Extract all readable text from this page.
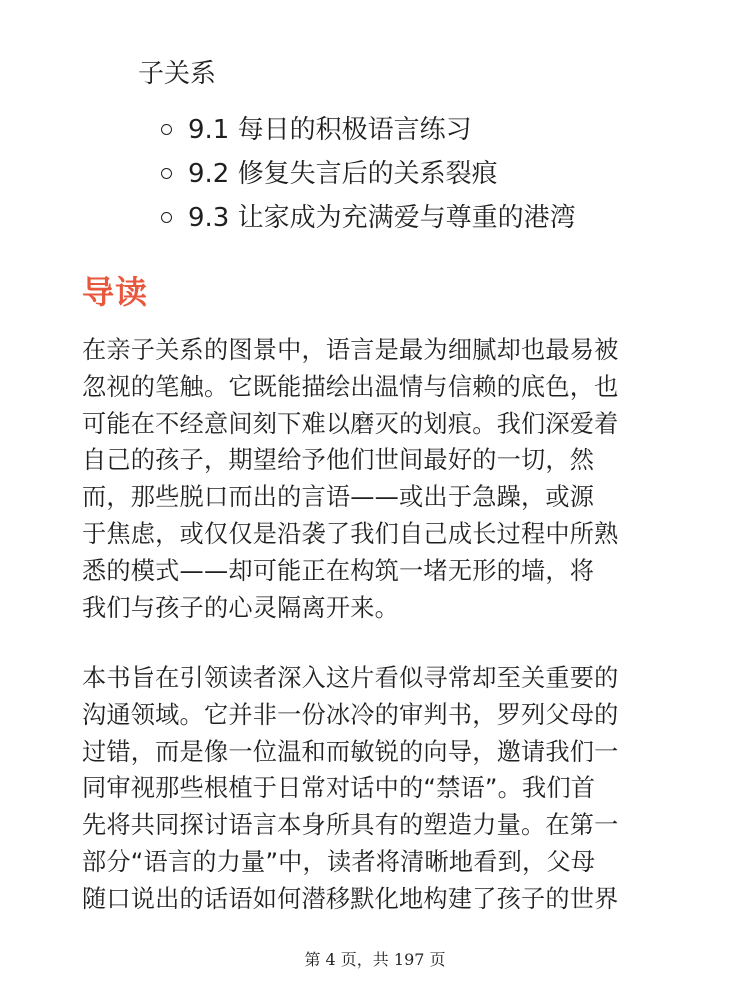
子关系
9.1 每日的积极语言练习
9.2 修复失言后的关系裂痕
9.3 让家成为充满爱与尊重的港湾
导读

在亲子关系的图景中，语言是最为细腻却也最易被
忽视的笔触。它既能描绘出温情与信赖的底色，也
可能在不经意间刻下难以磨灭的划痕。我们深爱着
自己的孩子，期望给予他们世间最好的一切，然
而，那些脱口而出的言语——或出于急躁，或源
于焦虑，或仅仅是沿袭了我们自己成长过程中所熟
悉的模式——却可能正在构筑一堵无形的墙，将
我们与孩子的心灵隔离开来。

本书旨在引领读者深入这片看似寻常却至关重要的
沟通领域。它并非一份冰冷的审判书，罗列父母的
过错，而是像一位温和而敏锐的向导，邀请我们一
同审视那些根植于日常对话中的“禁语”。我们首
先将共同探讨语言本身所具有的塑造力量。在第一
部分“语言的力量”中，读者将清晰地看到，父母
随口说出的话语如何潜移默化地构建了孩子的世界

第 4 页，共 197 页
